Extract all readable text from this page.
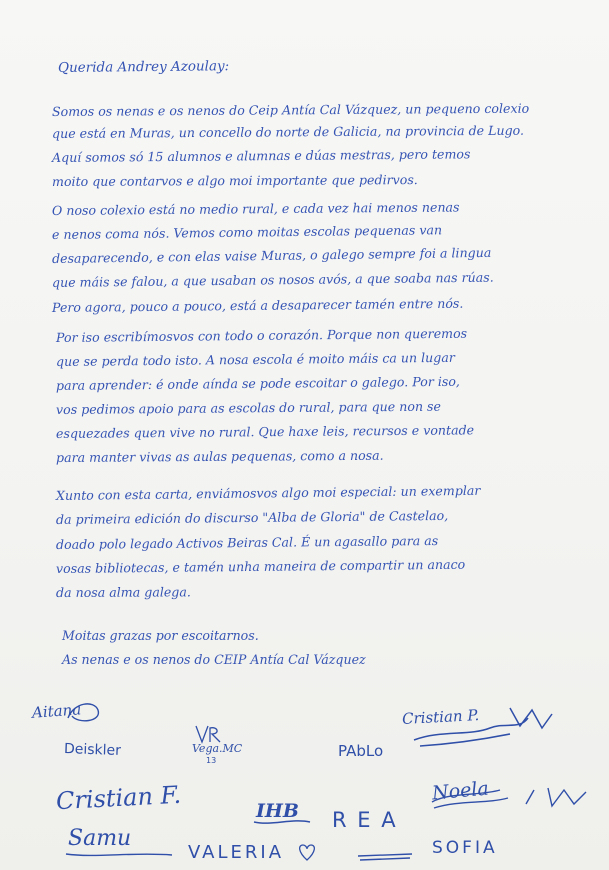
Querida Andrey Azoulay:
Somos os nenas e os nenos do Ceip Antía Cal Vázquez, un pequeno colexio
que está en Muras, un concello do norte de Galicia, na provincia de Lugo.
Aquí somos só 15 alumnos e alumnas e dúas mestras, pero temos
moito que contarvos e algo moi importante que pedirvos.
O noso colexio está no medio rural, e cada vez hai menos nenas
e nenos coma nós. Vemos como moitas escolas pequenas van
desaparecendo, e con elas vaise Muras, o galego sempre foi a lingua
que máis se falou, a que usaban os nosos avós, a que soaba nas rúas.
Pero agora, pouco a pouco, está a desaparecer tamén entre nós.
Por iso escribímosvos con todo o corazón. Porque non queremos
que se perda todo isto. A nosa escola é moito máis ca un lugar
para aprender: é onde aínda se pode escoitar o galego. Por iso,
vos pedimos apoio para as escolas do rural, para que non se
esquezades quen vive no rural. Que haxe leis, recursos e vontade
para manter vivas as aulas pequenas, como a nosa.
Xunto con esta carta, enviámosvos algo moi especial: un exemplar
da primeira edición do discurso "Alba de Gloria" de Castelao,
doado polo legado Activos Beiras Cal. É un agasallo para as
vosas bibliotecas, e tamén unha maneira de compartir un anaco
da nosa alma galega.
Moitas grazas por escoitarnos.
As nenas e os nenos do CEIP Antía Cal Vázquez
Aitana
Deiskler	Vega.MC
13
PAbLo
Cristian P.
Cristian F.	IHB R E A
Noela
Samu
VALERIA	SOFIA
